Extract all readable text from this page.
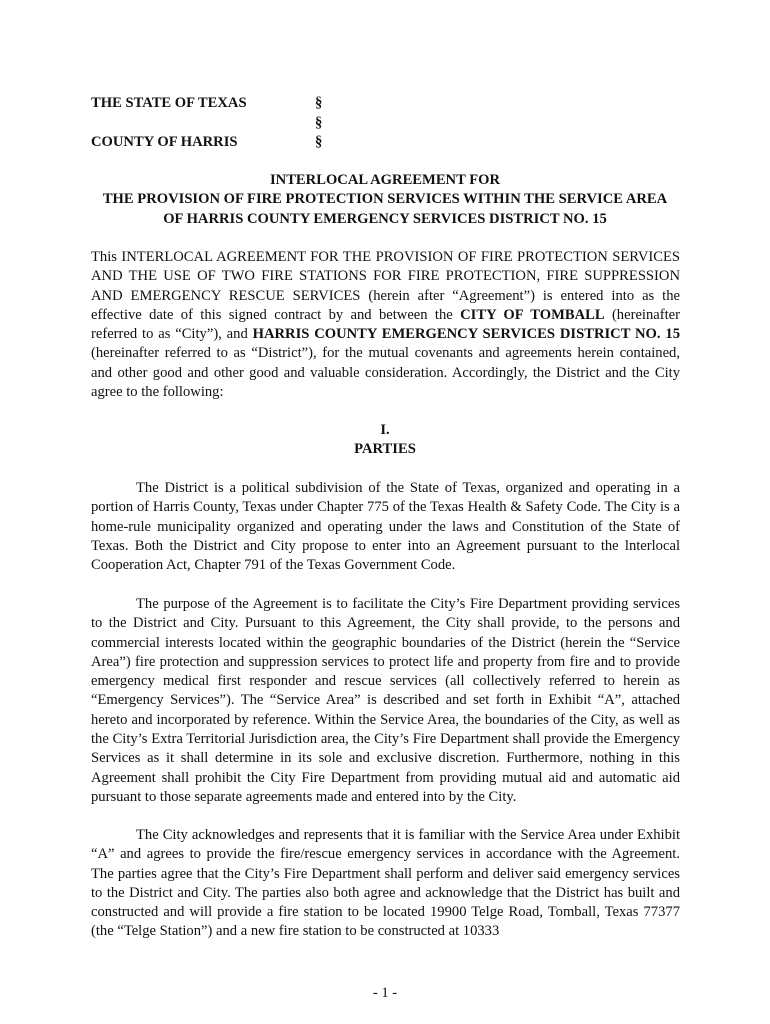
THE STATE OF TEXAS	§
§
COUNTY OF HARRIS	§
INTERLOCAL AGREEMENT FOR
THE PROVISION OF FIRE PROTECTION SERVICES WITHIN THE SERVICE AREA
OF HARRIS COUNTY EMERGENCY SERVICES DISTRICT NO. 15

This INTERLOCAL AGREEMENT FOR THE PROVISION OF FIRE PROTECTION SERVICES AND THE USE OF TWO FIRE STATIONS FOR FIRE PROTECTION, FIRE SUPPRESSION AND EMERGENCY RESCUE SERVICES (herein after “Agreement”) is entered into as the effective date of this signed contract by and between the CITY OF TOMBALL (hereinafter referred to as “City”), and HARRIS COUNTY EMERGENCY SERVICES DISTRICT NO. 15 (hereinafter referred to as “District”), for the mutual covenants and agreements herein contained, and other good and other good and valuable consideration. Accordingly, the District and the City agree to the following:

I.
PARTIES

The District is a political subdivision of the State of Texas, organized and operating in a portion of Harris County, Texas under Chapter 775 of the Texas Health & Safety Code. The City is a home-rule municipality organized and operating under the laws and Constitution of the State of Texas. Both the District and City propose to enter into an Agreement pursuant to the lnterlocal Cooperation Act, Chapter 791 of the Texas Government Code.

The purpose of the Agreement is to facilitate the City’s Fire Department providing services to the District and City. Pursuant to this Agreement, the City shall provide, to the persons and commercial interests located within the geographic boundaries of the District (herein the “Service Area”) fire protection and suppression services to protect life and property from fire and to provide emergency medical first responder and rescue services (all collectively referred to herein as “Emergency Services”). The “Service Area” is described and set forth in Exhibit “A”, attached hereto and incorporated by reference. Within the Service Area, the boundaries of the City, as well as the City’s Extra Territorial Jurisdiction area, the City’s Fire Department shall provide the Emergency Services as it shall determine in its sole and exclusive discretion. Furthermore, nothing in this Agreement shall prohibit the City Fire Department from providing mutual aid and automatic aid pursuant to those separate agreements made and entered into by the City.

The City acknowledges and represents that it is familiar with the Service Area under Exhibit “A” and agrees to provide the fire/rescue emergency services in accordance with the Agreement. The parties agree that the City’s Fire Department shall perform and deliver said emergency services to the District and City. The parties also both agree and acknowledge that the District has built and constructed and will provide a fire station to be located 19900 Telge Road, Tomball, Texas 77377 (the “Telge Station”) and a new fire station to be constructed at 10333

- 1 -
